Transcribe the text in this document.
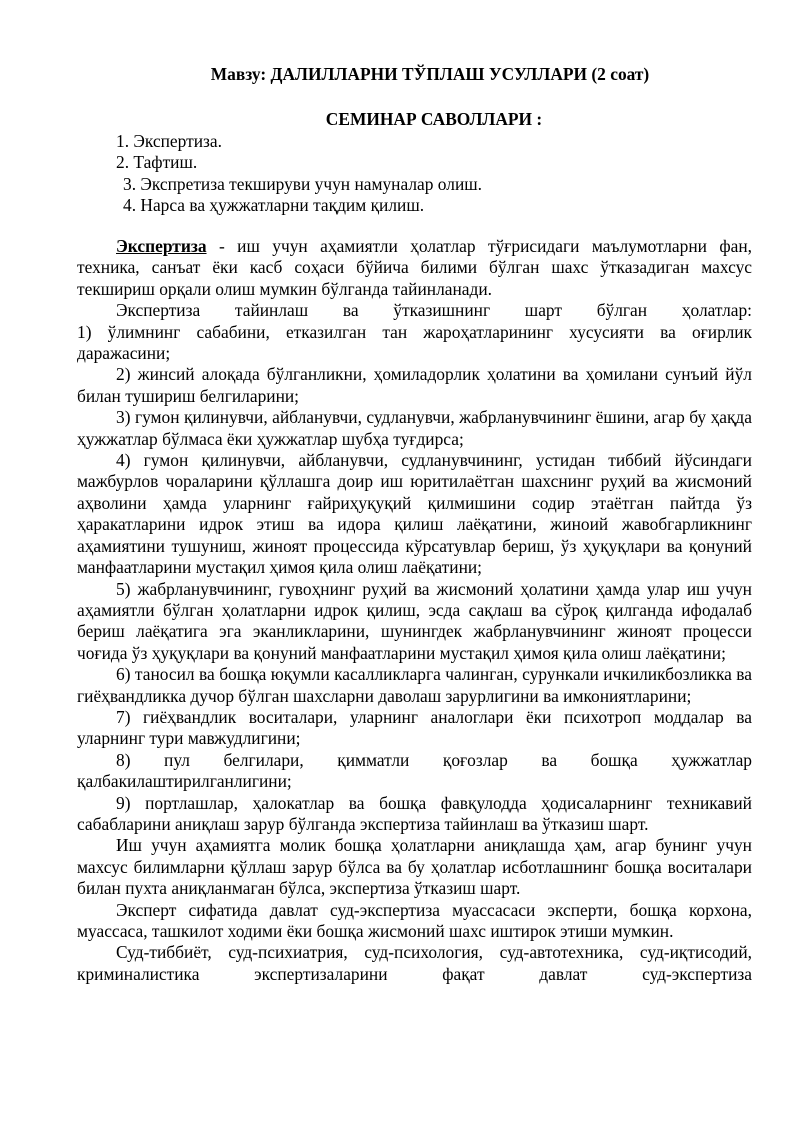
Мавзу: ДАЛИЛЛАРНИ ТЎПЛАШ УСУЛЛАРИ (2 соат)
СЕМИНАР САВОЛЛАРИ :
1. Экспертиза.
2. Тафтиш.
3. Экспретиза текшируви учун намуналар олиш.
4. Нарса ва ҳужжатларни тақдим қилиш.

Экспертиза - иш учун аҳамиятли ҳолатлар тўғрисидаги маълумотларни фан, техника, санъат ёки касб соҳаси бўйича билими бўлган шахс ўтказадиган махсус текшириш орқали олиш мумкин бўлганда тайинланади.

Экспертиза тайинлаш ва ўтказишнинг шарт бўлган ҳолатлар:

1) ўлимнинг сабабини, етказилган тан жароҳатларининг хусусияти ва оғирлик даражасини;

2) жинсий алоқада бўлганликни, ҳомиладорлик ҳолатини ва ҳомилани сунъий йўл билан тушириш белгиларини;

3) гумон қилинувчи, айбланувчи, судланувчи, жабрланувчининг ёшини, агар бу ҳақда ҳужжатлар бўлмаса ёки ҳужжатлар шубҳа туғдирса;

4) гумон қилинувчи, айбланувчи, судланувчининг, устидан тиббий йўсиндаги мажбурлов чораларини қўллашга доир иш юритилаётган шахснинг руҳий ва жисмоний аҳволини ҳамда уларнинг ғайриҳуқуқий қилмишини содир этаётган пайтда ўз ҳаракатларини идрок этиш ва идора қилиш лаёқатини, жиноий жавобгарликнинг аҳамиятини тушуниш, жиноят процессида кўрсатувлар бериш, ўз ҳуқуқлари ва қонуний манфаатларини мустақил ҳимоя қила олиш лаёқатини;

5) жабрланувчининг, гувоҳнинг руҳий ва жисмоний ҳолатини ҳамда улар иш учун аҳамиятли бўлган ҳолатларни идрок қилиш, эсда сақлаш ва сўроқ қилганда ифодалаб бериш лаёқатига эга эканликларини, шунингдек жабрланувчининг жиноят процесси чоғида ўз ҳуқуқлари ва қонуний манфаатларини мустақил ҳимоя қила олиш лаёқатини;

6) таносил ва бошқа юқумли касалликларга чалинган, сурункали ичкиликбозликка ва гиёҳвандликка дучор бўлган шахсларни даволаш зарурлигини ва имкониятларини;

7) гиёҳвандлик воситалари, уларнинг аналоглари ёки психотроп моддалар ва уларнинг тури мавжудлигини;

8) пул белгилари, қимматли қоғозлар ва бошқа ҳужжатлар қалбакилаштирилганлигини;

9) портлашлар, ҳалокатлар ва бошқа фавқулодда ҳодисаларнинг техникавий сабабларини аниқлаш зарур бўлганда экспертиза тайинлаш ва ўтказиш шарт.

Иш учун аҳамиятга молик бошқа ҳолатларни аниқлашда ҳам, агар бунинг учун махсус билимларни қўллаш зарур бўлса ва бу ҳолатлар исботлашнинг бошқа воситалари билан пухта аниқланмаган бўлса, экспертиза ўтказиш шарт.

Эксперт сифатида давлат суд-экспертиза муассасаси эксперти, бошқа корхона, муассаса, ташкилот ходими ёки бошқа жисмоний шахс иштирок этиши мумкин.

Суд-тиббиёт, суд-психиатрия, суд-психология, суд-автотехника, суд-иқтисодий, криминалистика экспертизаларини фақат давлат суд-экспертиза
